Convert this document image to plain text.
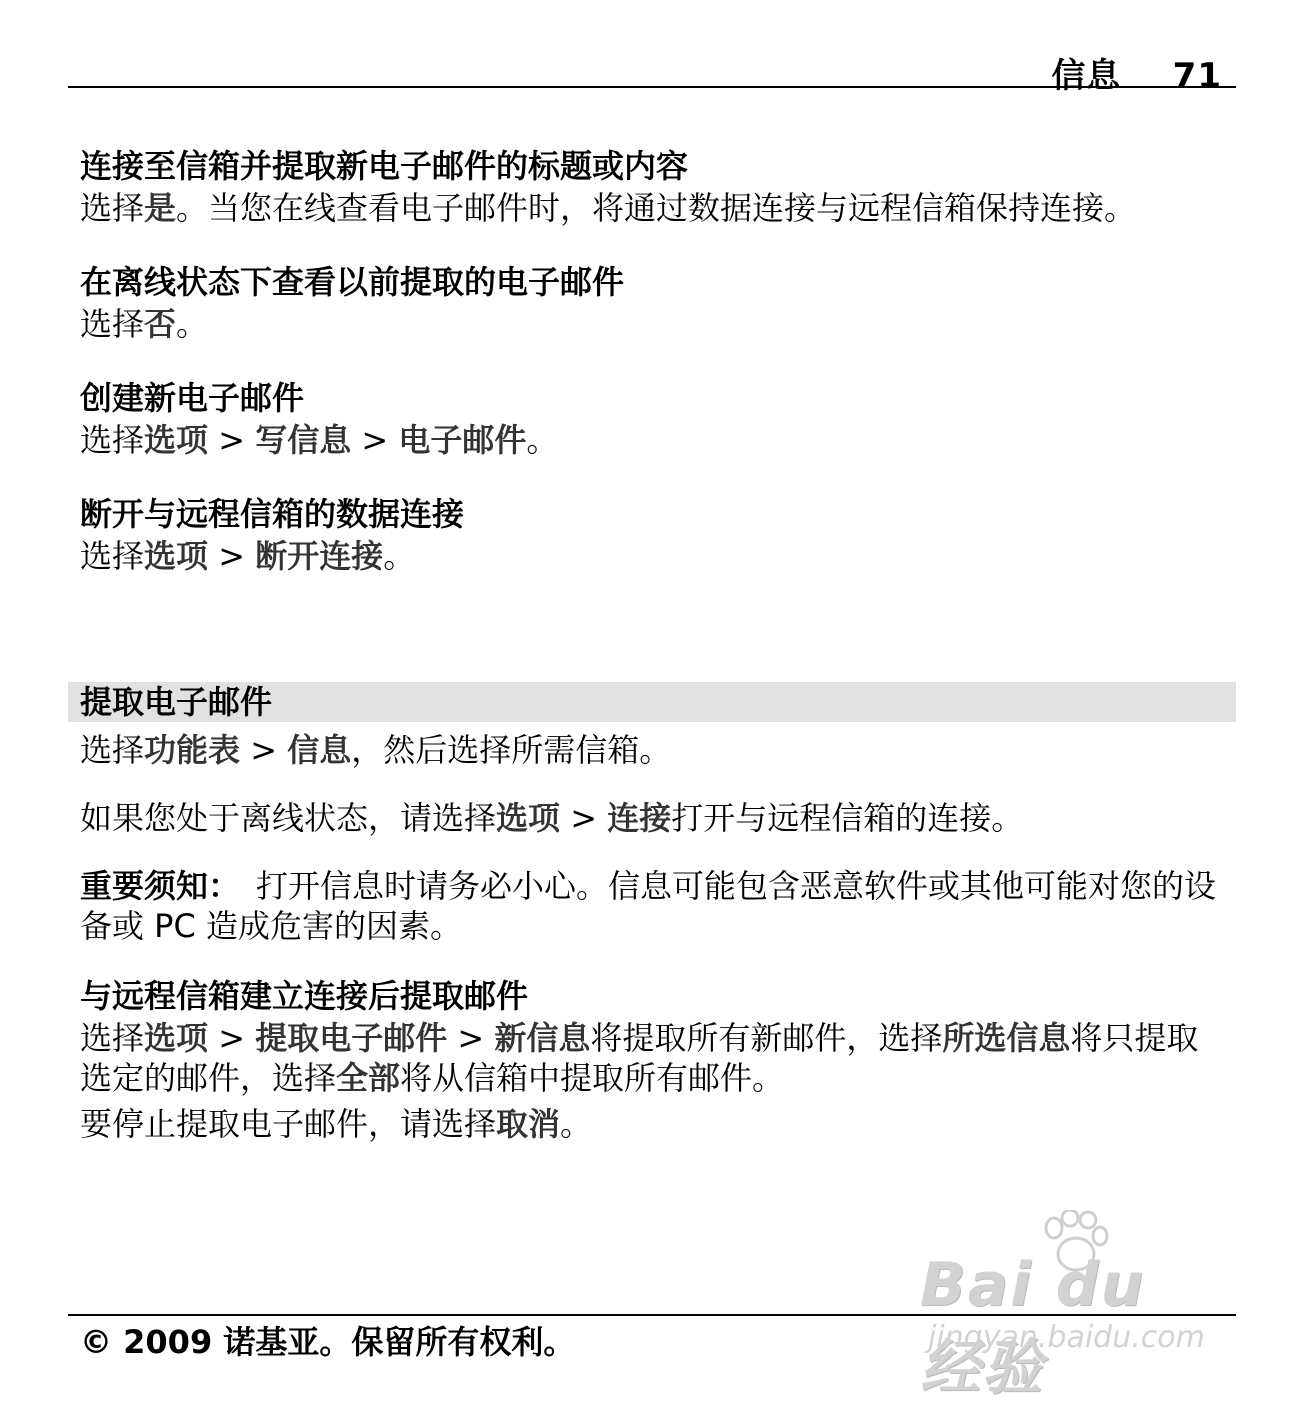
信息 71

连接至信箱并提取新电子邮件的标题或内容

选择是。当您在线查看电子邮件时，将通过数据连接与远程信箱保持连接。

在离线状态下查看以前提取的电子邮件

选择否。

创建新电子邮件

选择选项 > 写信息 > 电子邮件。

断开与远程信箱的数据连接

选择选项 > 断开连接。

提取电子邮件

选择功能表 > 信息，然后选择所需信箱。

如果您处于离线状态，请选择选项 > 连接打开与远程信箱的连接。

重要须知：　打开信息时请务必小心。信息可能包含恶意软件或其他可能对您的设备或 PC 造成危害的因素。

与远程信箱建立连接后提取邮件

选择选项 > 提取电子邮件 > 新信息将提取所有新邮件，选择所选信息将只提取选定的邮件，选择全部将从信箱中提取所有邮件。

要停止提取电子邮件，请选择取消。

Bai du 经验
jingyan.baidu.com
© 2009 诺基亚。保留所有权利。
